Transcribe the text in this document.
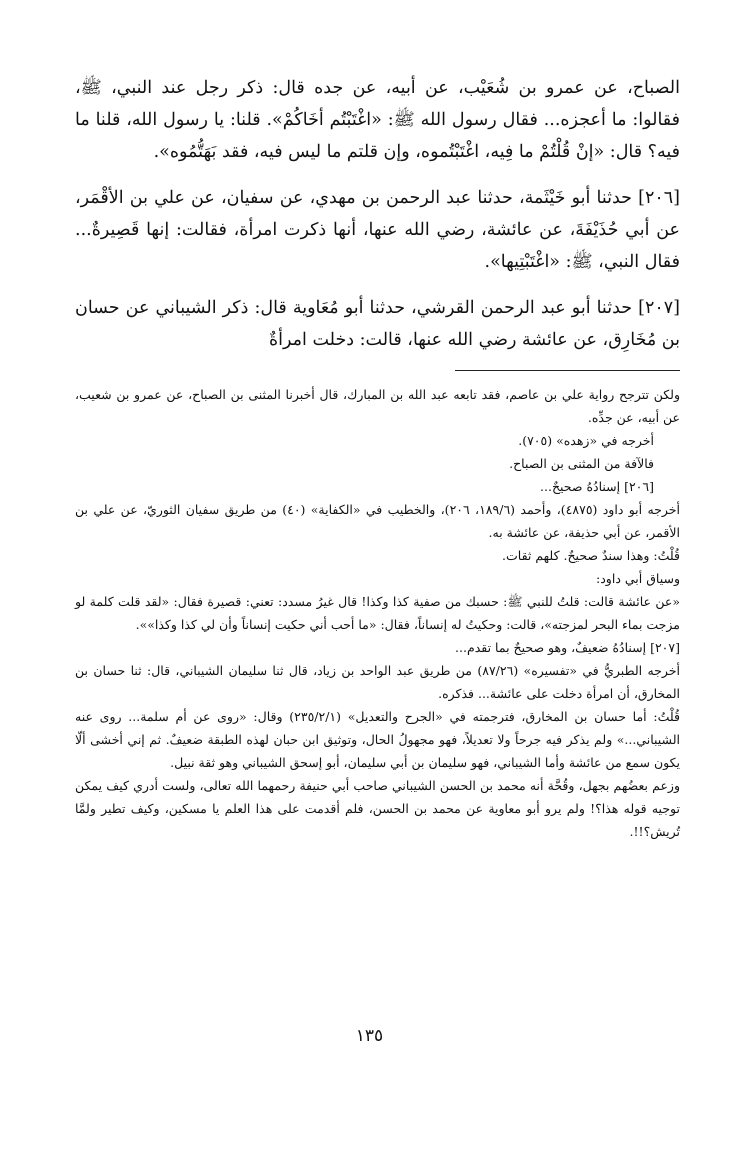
الصباح، عن عمرو بن شُعَيْب، عن أبيه، عن جده قال: ذكر رجل عند النبي، ﷺ، فقالوا: ما أعجزه... فقال رسول الله ﷺ: «اغْتَبْتُم أخَاكُمْ». قلنا: يا رسول الله، قلنا ما فيه؟ قال: «إنْ قُلْتُمْ ما فِيه، اغْتَبْتُموه، وإن قلتم ما ليس فيه، فقد بَهَتُّمُوه».

[٢٠٦] حدثنا أبو خَيْثَمة، حدثنا عبد الرحمن بن مهدي، عن سفيان، عن علي بن الأقْمَر، عن أبي حُذَيْفَةَ، عن عائشة، رضي الله عنها، أنها ذكرت امرأة، فقالت: إنها قَصِيرةٌ... فقال النبي، ﷺ: «اغْتَبْتِيها».

[٢٠٧] حدثنا أبو عبد الرحمن القرشي، حدثنا أبو مُعَاوية قال: ذكر الشيباني عن حسان بن مُخَارِق، عن عائشة رضي الله عنها، قالت: دخلت امرأةٌ

ولكن تترجح رواية علي بن عاصم، فقد تابعه عبد الله بن المبارك، قال أخبرنا المثنى بن الصباح، عن عمرو بن شعيب، عن أبيه، عن جدِّه.

أخرجه في «زهده» (٧٠٥).

فالآفة من المثنى بن الصباح.

[٢٠٦] إسنادُهُ صحيحٌ...

أخرجه أبو داود (٤٨٧٥)، وأحمد (١٨٩/٦، ٢٠٦)، والخطيب في «الكفاية» (٤٠) من طريق سفيان الثوريّ، عن علي بن الأقمر، عن أبي حذيفة، عن عائشة به.

قُلْتُ: وهذا سندٌ صحيحٌ. كلهم ثقات.

وسياق أبي داود:

«عن عائشة قالت: قلتُ للنبي ﷺ: حسبك من صفية كذا وكذا! قال غيرُ مسدد: تعني: قصيرة فقال: «لقد قلت كلمة لو مزجت بماء البحر لمزجته»، قالت: وحكيتُ له إنساناً، فقال: «ما أحب أني حكيت إنساناً وأن لي كذا وكذا»».

[٢٠٧] إسنادُهُ ضعيفٌ، وهو صحيحٌ بما تقدم...

أخرجه الطبريُّ في «تفسيره» (٨٧/٢٦) من طريق عبد الواحد بن زياد، قال ثنا سليمان الشيباني، قال: ثنا حسان بن المخارق، أن امرأة دخلت على عائشة... فذكره.

قُلْتُ: أما حسان بن المخارق، فترجمته في «الجرح والتعديل» (٢٣٥/٢/١) وقال: «روى عن أم سلمة... روى عنه الشيباني...» ولم يذكر فيه جرحاً ولا تعديلاً، فهو مجهولُ الحال، وتوثيق ابن حبان لهذه الطبقة ضعيفٌ. ثم إني أخشى ألّا يكون سمع من عائشة وأما الشيباني، فهو سليمان بن أبي سليمان، أبو إسحق الشيباني وهو ثقة نبيل.

وزعم بعضُهم بجهل، وقُحَّة أنه محمد بن الحسن الشيباني صاحب أبي حنيفة رحمهما الله تعالى، ولست أدري كيف يمكن توجيه قوله هذا؟! ولم يرو أبو معاوية عن محمد بن الحسن، فلم أقدمت على هذا العلم يا مسكين، وكيف تطير ولمَّا تُريش؟!!.

١٣٥
